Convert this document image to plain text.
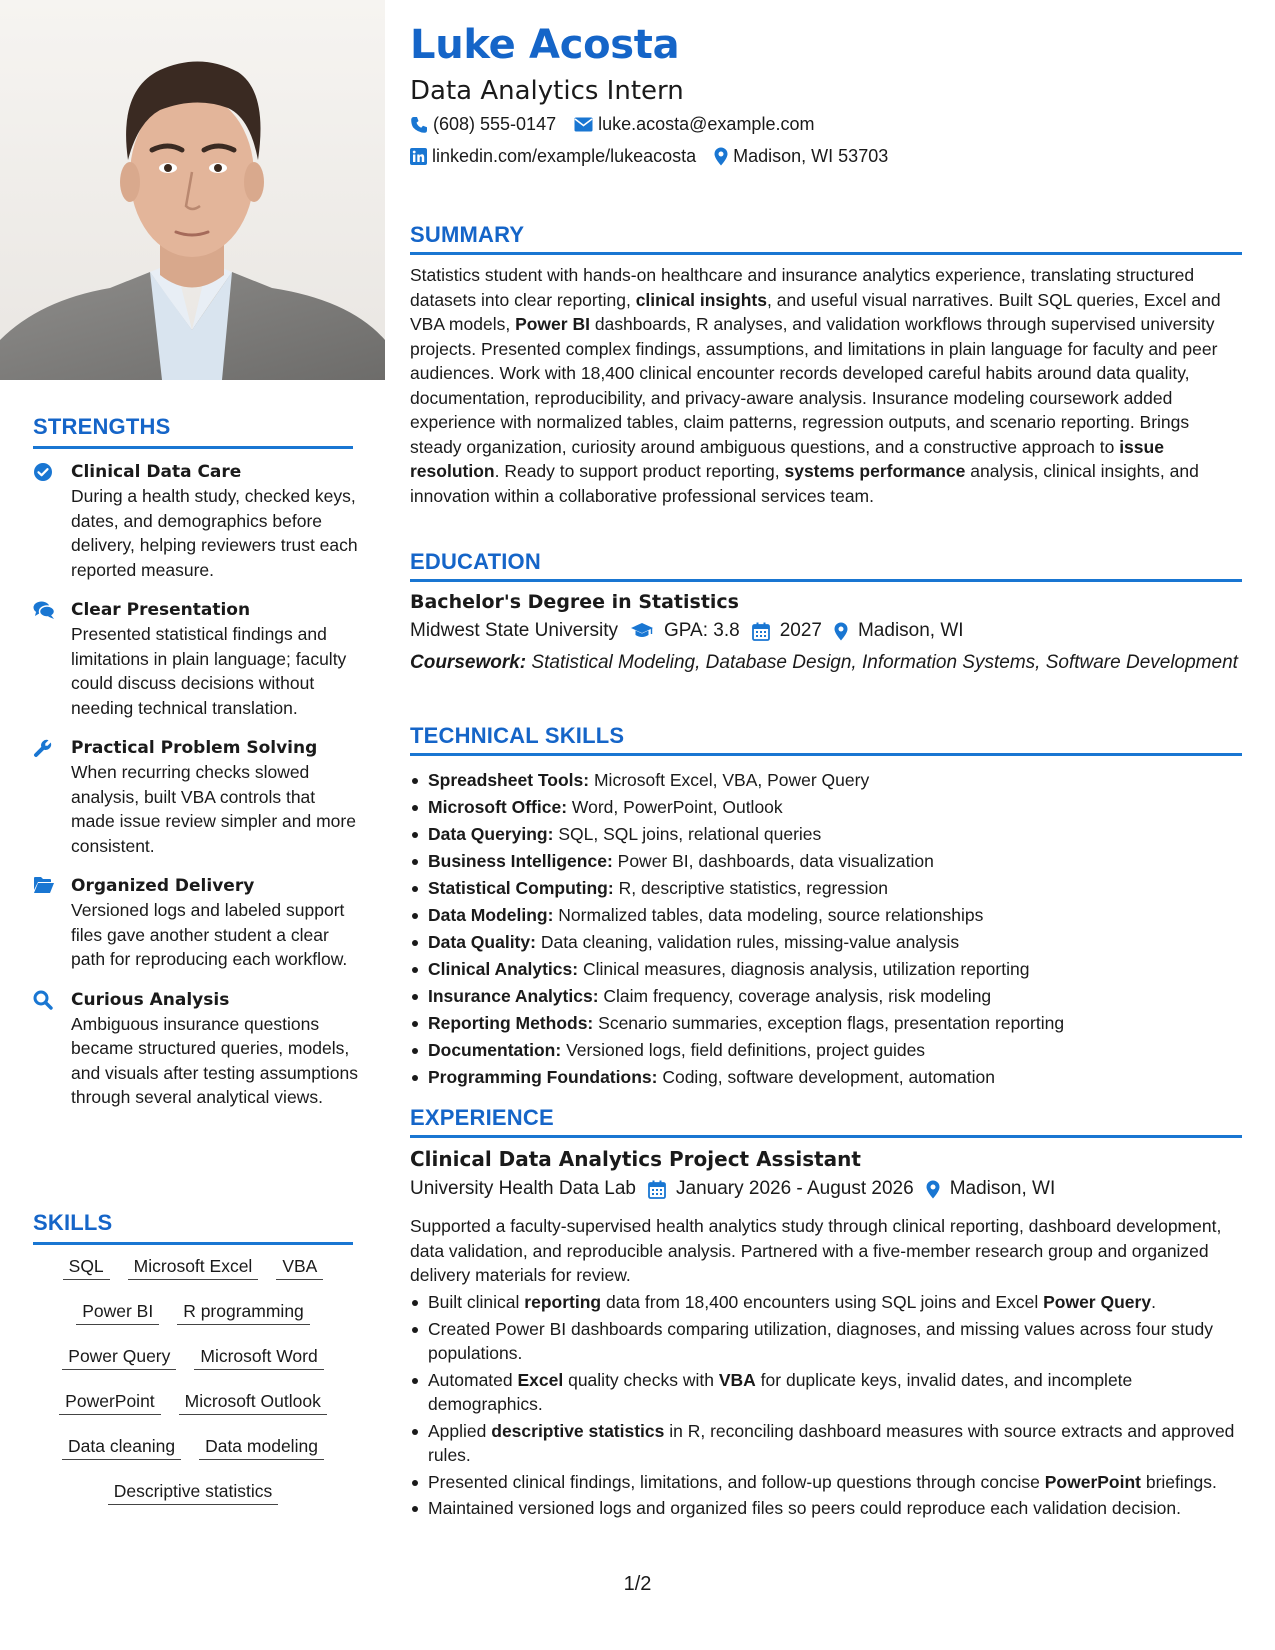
STRENGTHS
Clinical Data Care
During a health study, checked keys, dates, and demographics before delivery, helping reviewers trust each reported measure.
Clear Presentation
Presented statistical findings and limitations in plain language; faculty could discuss decisions without needing technical translation.
Practical Problem Solving
When recurring checks slowed analysis, built VBA controls that made issue review simpler and more consistent.
Organized Delivery
Versioned logs and labeled support files gave another student a clear path for reproducing each workflow.
Curious Analysis
Ambiguous insurance questions became structured queries, models, and visuals after testing assumptions through several analytical views.
SKILLS
SQL	Microsoft Excel	VBA
Power BI	R programming
Power Query	Microsoft Word
PowerPoint	Microsoft Outlook
Data cleaning	Data modeling
Descriptive statistics
Luke Acosta
Data Analytics Intern
(608) 555-0147 luke.acosta@example.com
linkedin.com/example/lukeacosta Madison, WI 53703
SUMMARY
Statistics student with hands-on healthcare and insurance analytics experience, translating structured datasets into clear reporting, clinical insights, and useful visual narratives. Built SQL queries, Excel and VBA models, Power BI dashboards, R analyses, and validation workflows through supervised university projects. Presented complex findings, assumptions, and limitations in plain language for faculty and peer audiences. Work with 18,400 clinical encounter records developed careful habits around data quality, documentation, reproducibility, and privacy-aware analysis. Insurance modeling coursework added experience with normalized tables, claim patterns, regression outputs, and scenario reporting. Brings steady organization, curiosity around ambiguous questions, and a constructive approach to issue resolution. Ready to support product reporting, systems performance analysis, clinical insights, and innovation within a collaborative professional services team.
EDUCATION
Bachelor's Degree in Statistics
Midwest State University GPA: 3.8 2027 Madison, WI
Coursework: Statistical Modeling, Database Design, Information Systems, Software Development
TECHNICAL SKILLS
Spreadsheet Tools: Microsoft Excel, VBA, Power Query
Microsoft Office: Word, PowerPoint, Outlook
Data Querying: SQL, SQL joins, relational queries
Business Intelligence: Power BI, dashboards, data visualization
Statistical Computing: R, descriptive statistics, regression
Data Modeling: Normalized tables, data modeling, source relationships
Data Quality: Data cleaning, validation rules, missing-value analysis
Clinical Analytics: Clinical measures, diagnosis analysis, utilization reporting
Insurance Analytics: Claim frequency, coverage analysis, risk modeling
Reporting Methods: Scenario summaries, exception flags, presentation reporting
Documentation: Versioned logs, field definitions, project guides
Programming Foundations: Coding, software development, automation
EXPERIENCE
Clinical Data Analytics Project Assistant
University Health Data Lab January 2026 - August 2026 Madison, WI
Supported a faculty-supervised health analytics study through clinical reporting, dashboard development, data validation, and reproducible analysis. Partnered with a five-member research group and organized delivery materials for review.
Built clinical reporting data from 18,400 encounters using SQL joins and Excel Power Query.
Created Power BI dashboards comparing utilization, diagnoses, and missing values across four study populations.
Automated Excel quality checks with VBA for duplicate keys, invalid dates, and incomplete demographics.
Applied descriptive statistics in R, reconciling dashboard measures with source extracts and approved rules.
Presented clinical findings, limitations, and follow-up questions through concise PowerPoint briefings.
Maintained versioned logs and organized files so peers could reproduce each validation decision.
1/2
